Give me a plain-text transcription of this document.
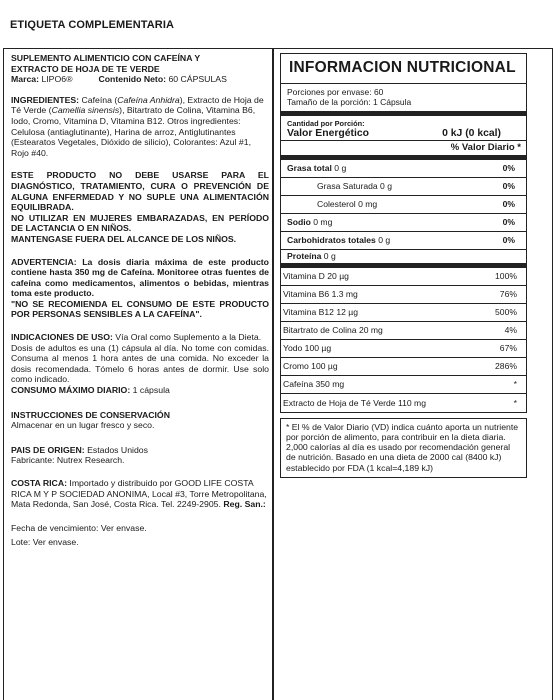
ETIQUETA COMPLEMENTARIA

SUPLEMENTO ALIMENTICIO CON CAFEÍNA Y

EXTRACTO DE HOJA DE TE VERDE

Marca: LIPO6®	Contenido Neto: 60 CÁPSULAS

INGREDIENTES: Cafeína (Cafeína Anhidra), Extracto de Hoja de Té Verde (Camellia sinensis), Bitartrato de Colina, Vitamina B6, Iodo, Cromo, Vitamina D, Vitamina B12. Otros ingredientes: Celulosa (antiaglutinante), Harina de arroz, Antiglutinantes (Estearatos Vegetales, Dióxido de silicio), Colorantes: Azul #1, Rojo #40.

ESTE PRODUCTO NO DEBE USARSE PARA EL DIAGNÓSTICO, TRATAMIENTO, CURA O PREVENCIÓN DE ALGUNA ENFERMEDAD Y NO SUPLE UNA ALIMENTACIÓN EQUILIBRADA.

NO UTILIZAR EN MUJERES EMBARAZADAS, EN PERÍODO DE LACTANCIA O EN NIÑOS.

MANTENGASE FUERA DEL ALCANCE DE LOS NIÑOS.

ADVERTENCIA: La dosis diaria máxima de este producto contiene hasta 350 mg de Cafeína. Monitoree otras fuentes de cafeína como medicamentos, alimentos o bebidas, mientras toma este producto.

"NO SE RECOMIENDA EL CONSUMO DE ESTE PRODUCTO POR PERSONAS SENSIBLES A LA CAFEÍNA".

INDICACIONES DE USO: Vía Oral como Suplemento a la Dieta.

Dosis de adultos es una (1) cápsula al día. No tome con comidas. Consuma al menos 1 hora antes de una comida. No exceder la dosis recomendada. Tómelo 6 horas antes de dormir. Use solo como indicado.

CONSUMO MÁXIMO DIARIO: 1 cápsula

INSTRUCCIONES DE CONSERVACIÓN

Almacenar en un lugar fresco y seco.

PAIS DE ORIGEN: Estados Unidos

Fabricante: Nutrex Research.

COSTA RICA: Importado y distribuido por GOOD LIFE COSTA RICA M Y P SOCIEDAD ANONIMA, Local #3, Torre Metropolitana, Mata Redonda, San José, Costa Rica. Tel. 2249-2905. Reg. San.:

Fecha de vencimiento: Ver envase.

Lote: Ver envase.

INFORMACION NUTRICIONAL
Porciones por envase: 60
Tamaño de la porción: 1 Cápsula
Cantidad por Porción:
Valor Energético	0 kJ (0 kcal)
% Valor Diario *
Grasa total 0 g	0%
Grasa Saturada 0 g	0%
Colesterol 0 mg	0%
Sodio 0 mg	0%
Carbohidratos totales 0 g	0%
Proteína 0 g
Vitamina D 20 µg	100%
Vitamina B6 1.3 mg	76%
Vitamina B12 12 µg	500%
Bitartrato de Colina 20 mg	4%
Yodo 100 µg	67%
Cromo 100 µg	286%
Cafeína 350 mg	*
Extracto de Hoja de Té Verde 110 mg	*
* El % de Valor Diario (VD) indica cuánto aporta un nutriente por porción de alimento, para contribuir en la dieta diaria. 2,000 calorías al día es usado por recomendación general de nutrición. Basado en una dieta de 2000 cal (8400 kJ) establecido por FDA (1 kcal=4,189 kJ)
